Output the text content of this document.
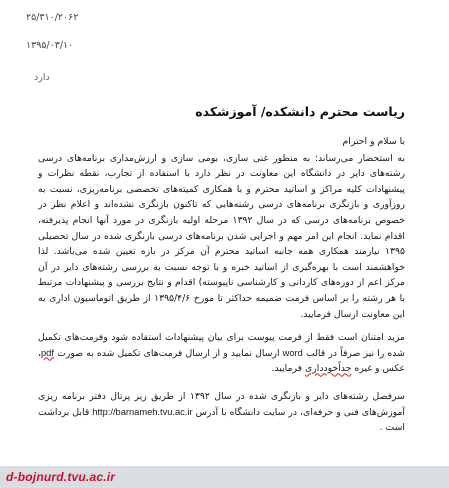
۲۵/۳۱۰/۲۰۶۲
۱۳۹۵/۰۳/۱۰
دارد
ریاست محترم دانشکده/ آموزشکده

با سلام و احترام

به استحضار می‌رساند: به منظور غنی سازی، بومی سازی و ارزش‌مداری برنامه‌های درسی رشته‌های دایر در دانشگاه این معاونت در نظر دارد با استفاده از تجارب، نقطه نظرات و پیشنهادات کلیه مراکز و اساتید محترم و با همکاری کمیته‌های تخصصی برنامه‌ریزی، نسبت به روزآوری و بازنگری برنامه‌های درسی رشته‌هایی که تاکنون بازنگری نشده‌اند و اعلام نظر در خصوص برنامه‌های درسی که در سال ۱۳۹۲ مرحله اولیه بازنگری در مورد آنها انجام پذیرفته، اقدام نماید. انجام این امر مهم و اجرایی شدن برنامه‌های درسی بازنگری شده در سال تحصیلی ۱۳۹۵ نیازمند همکاری همه جانبه اساتید محترم آن مرکز در بازه تعیین شده می‌باشد. لذا خواهشمند است با بهره‌گیری از اساتید خبره و با توجه نسبت به بررسی رشته‌های دایر در آن مرکز اعم از دوره‌های کاردانی و کارشناسی ناپیوسته) اقدام و نتایج بررسی و پیشنهادات مرتبط با هر رشته را بر اساس فرمت ضمیمه حداکثر تا مورخ ۱۳۹۵/۴/۶ از طریق اتوماسیون اداری به این معاونت ارسال فرمایید.

مزید امتنان است فقط از فرمت پیوست برای بیان پیشنهادات استفاده شود وفرمت‌های تکمیل شده را نیز صرفاً در قالب word ارسال نمایید و از ارسال فرمت‌های تکمیل شده به صورت pdf، عکس و غیره جداًخودداری فرمایید.

سرفصل رشته‌های دایر و بازنگری شده در سال ۱۳۹۲ از طریق زیر پرتال دفتر برنامه ریزی آموزش‌های فنی و حرفه‌ای، در سایت دانشگاه با آدرس http://barnameh.tvu.ac.ir قابل برداشت است .

d-bojnurd.tvu.ac.ir
